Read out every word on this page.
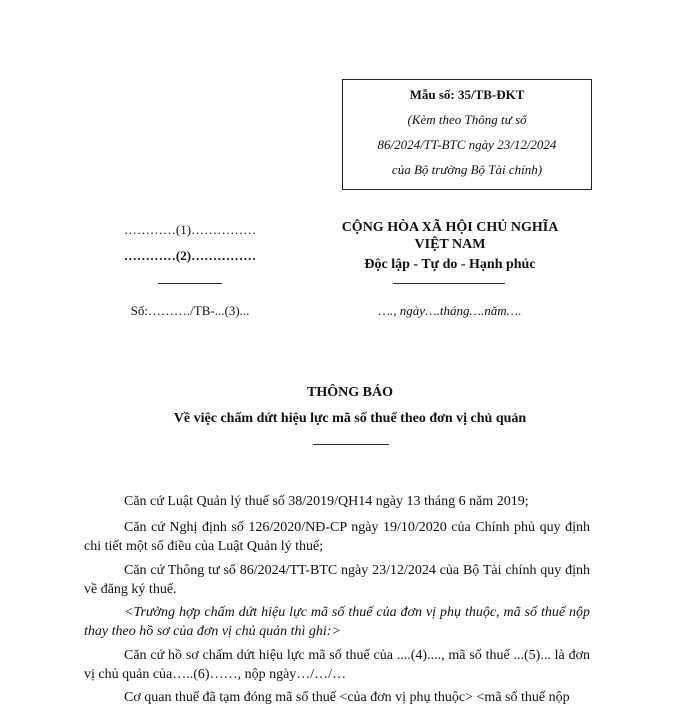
Mẫu số: 35/TB-ĐKT
(Kèm theo Thông tư số
86/2024/TT-BTC ngày 23/12/2024
của Bộ trưởng Bộ Tài chính)
…………(1)……………
…………(2)……………
Số:………./TB-...(3)...
CỘNG HÒA XÃ HỘI CHỦ NGHĨA
VIỆT NAM
Độc lập - Tự do - Hạnh phúc
…., ngày….tháng….năm….
THÔNG BÁO
Về việc chấm dứt hiệu lực mã số thuế theo đơn vị chủ quản
Căn cứ Luật Quản lý thuế số 38/2019/QH14 ngày 13 tháng 6 năm 2019;
Căn cứ Nghị định số 126/2020/NĐ-CP ngày 19/10/2020 của Chính phủ quy định chi tiết một số điều của Luật Quản lý thuế;
Căn cứ Thông tư số 86/2024/TT-BTC ngày 23/12/2024 của Bộ Tài chính quy định về đăng ký thuế.
<Trường hợp chấm dứt hiệu lực mã số thuế của đơn vị phụ thuộc, mã số thuế nộp thay theo hồ sơ của đơn vị chủ quản thì ghi:>
Căn cứ hồ sơ chấm dứt hiệu lực mã số thuế của ....(4)...., mã số thuế ...(5)... là đơn vị chủ quản của…..(6)……, nộp ngày…/…/…
Cơ quan thuế đã tạm đóng mã số thuế <của đơn vị phụ thuộc> <mã số thuế nộp
